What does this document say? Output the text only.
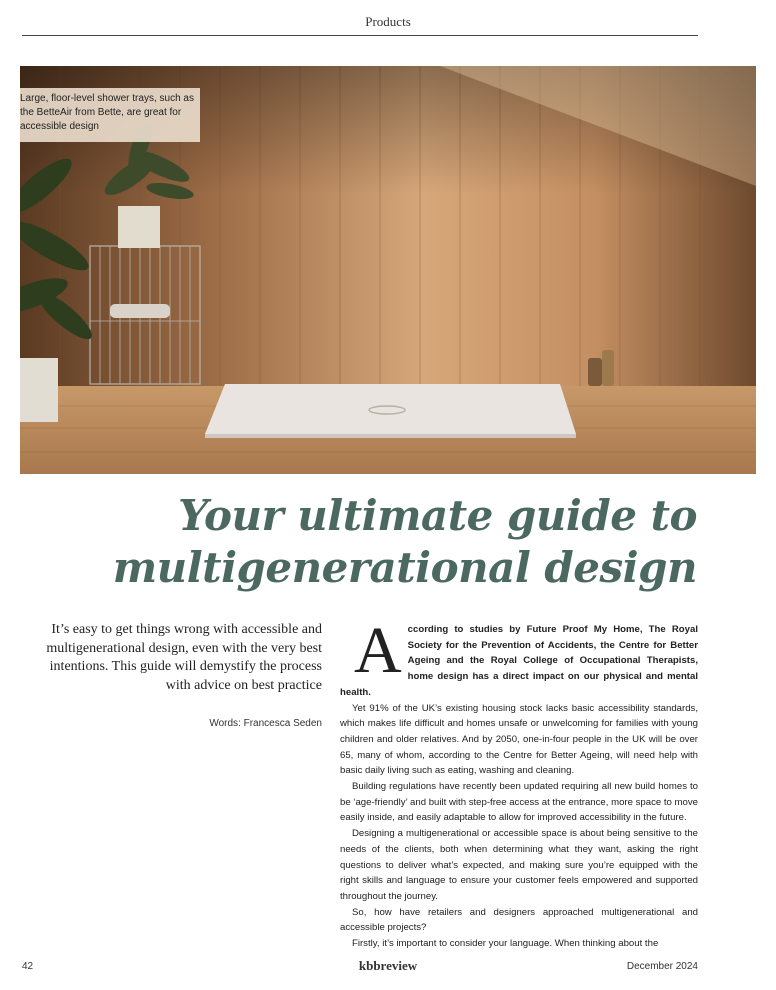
Products
Large, floor-level shower trays, such as the BetteAir from Bette, are great for accessible design
Your ultimate guide to
multigenerational design
It’s easy to get things wrong with accessible and multigenerational design, even with the very best intentions. This guide will demystify the process with advice on best practice
Words: Francesca Seden

According to studies by Future Proof My Home, The Royal Society for the Prevention of Accidents, the Centre for Better Ageing and the Royal College of Occupational Therapists, home design has a direct impact on our physical and mental health.

Yet 91% of the UK’s existing housing stock lacks basic accessibility standards, which makes life difficult and homes unsafe or unwelcoming for families with young children and older relatives. And by 2050, one-in-four people in the UK will be over 65, many of whom, according to the Centre for Better Ageing, will need help with basic daily living such as eating, washing and cleaning.

Building regulations have recently been updated requiring all new build homes to be ‘age-friendly’ and built with step-free access at the entrance, more space to move easily inside, and easily adaptable to allow for improved accessibility in the future.

Designing a multigenerational or accessible space is about being sensitive to the needs of the clients, both when determining what they want, asking the right questions to deliver what’s expected, and making sure you’re equipped with the right skills and language to ensure your customer feels empowered and supported throughout the journey.

So, how have retailers and designers approached multigenerational and accessible projects?

Firstly, it’s important to consider your language. When thinking about the

42	kbbreview	December 2024
